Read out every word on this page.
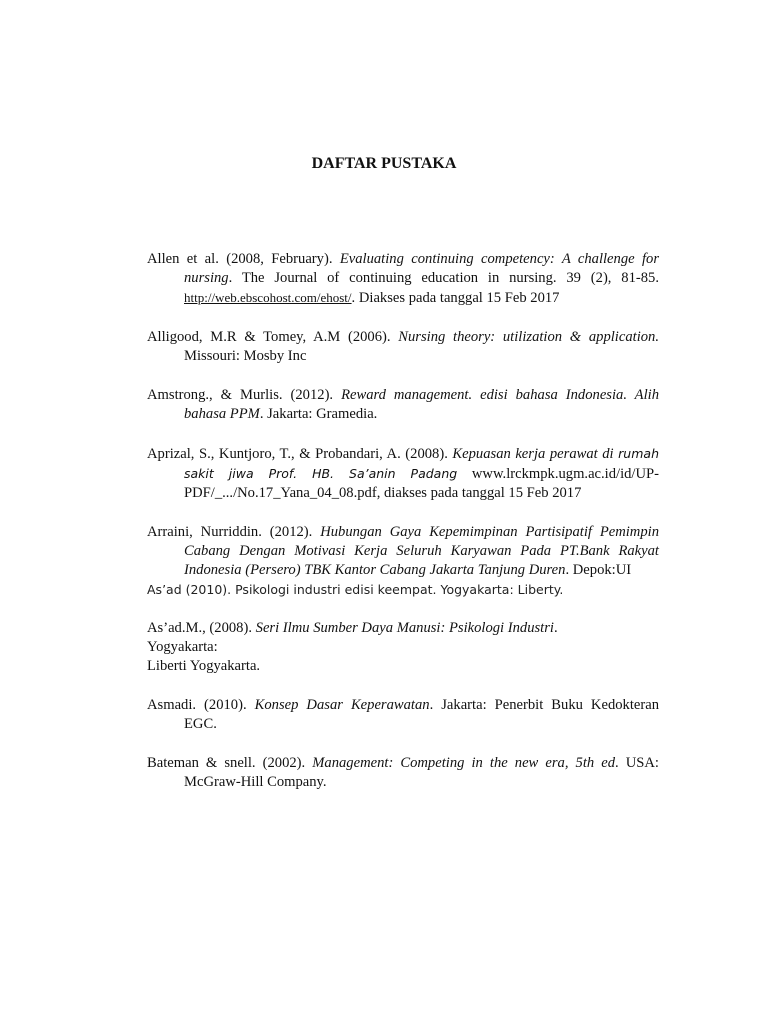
DAFTAR PUSTAKA

Allen et al. (2008, February). Evaluating continuing competency: A challenge for nursing. The Journal of continuing education in nursing. 39 (2), 81-85. http://web.ebscohost.com/ehost/. Diakses pada tanggal 15 Feb 2017

Alligood, M.R & Tomey, A.M (2006). Nursing theory: utilization & application. Missouri: Mosby Inc

Amstrong., & Murlis. (2012). Reward management. edisi bahasa Indonesia. Alih bahasa PPM. Jakarta: Gramedia.

Aprizal, S., Kuntjoro, T., & Probandari, A. (2008). Kepuasan kerja perawat di rumah sakit jiwa Prof. HB. Sa’anin Padang www.lrckmpk.ugm.ac.id/id/UP-PDF/_.../No.17_Yana_04_08.pdf, diakses pada tanggal 15 Feb 2017

Arraini, Nurriddin. (2012). Hubungan Gaya Kepemimpinan Partisipatif Pemimpin Cabang Dengan Motivasi Kerja Seluruh Karyawan Pada PT.Bank Rakyat Indonesia (Persero) TBK Kantor Cabang Jakarta Tanjung Duren. Depok:UI

As’ad (2010). Psikologi industri edisi keempat. Yogyakarta: Liberty.

As’ad.M., (2008). Seri Ilmu Sumber Daya Manusi: Psikologi Industri.
Yogyakarta:
Liberti Yogyakarta.

Asmadi. (2010). Konsep Dasar Keperawatan. Jakarta: Penerbit Buku Kedokteran EGC.

Bateman & snell. (2002). Management: Competing in the new era, 5th ed. USA: McGraw-Hill Company.
